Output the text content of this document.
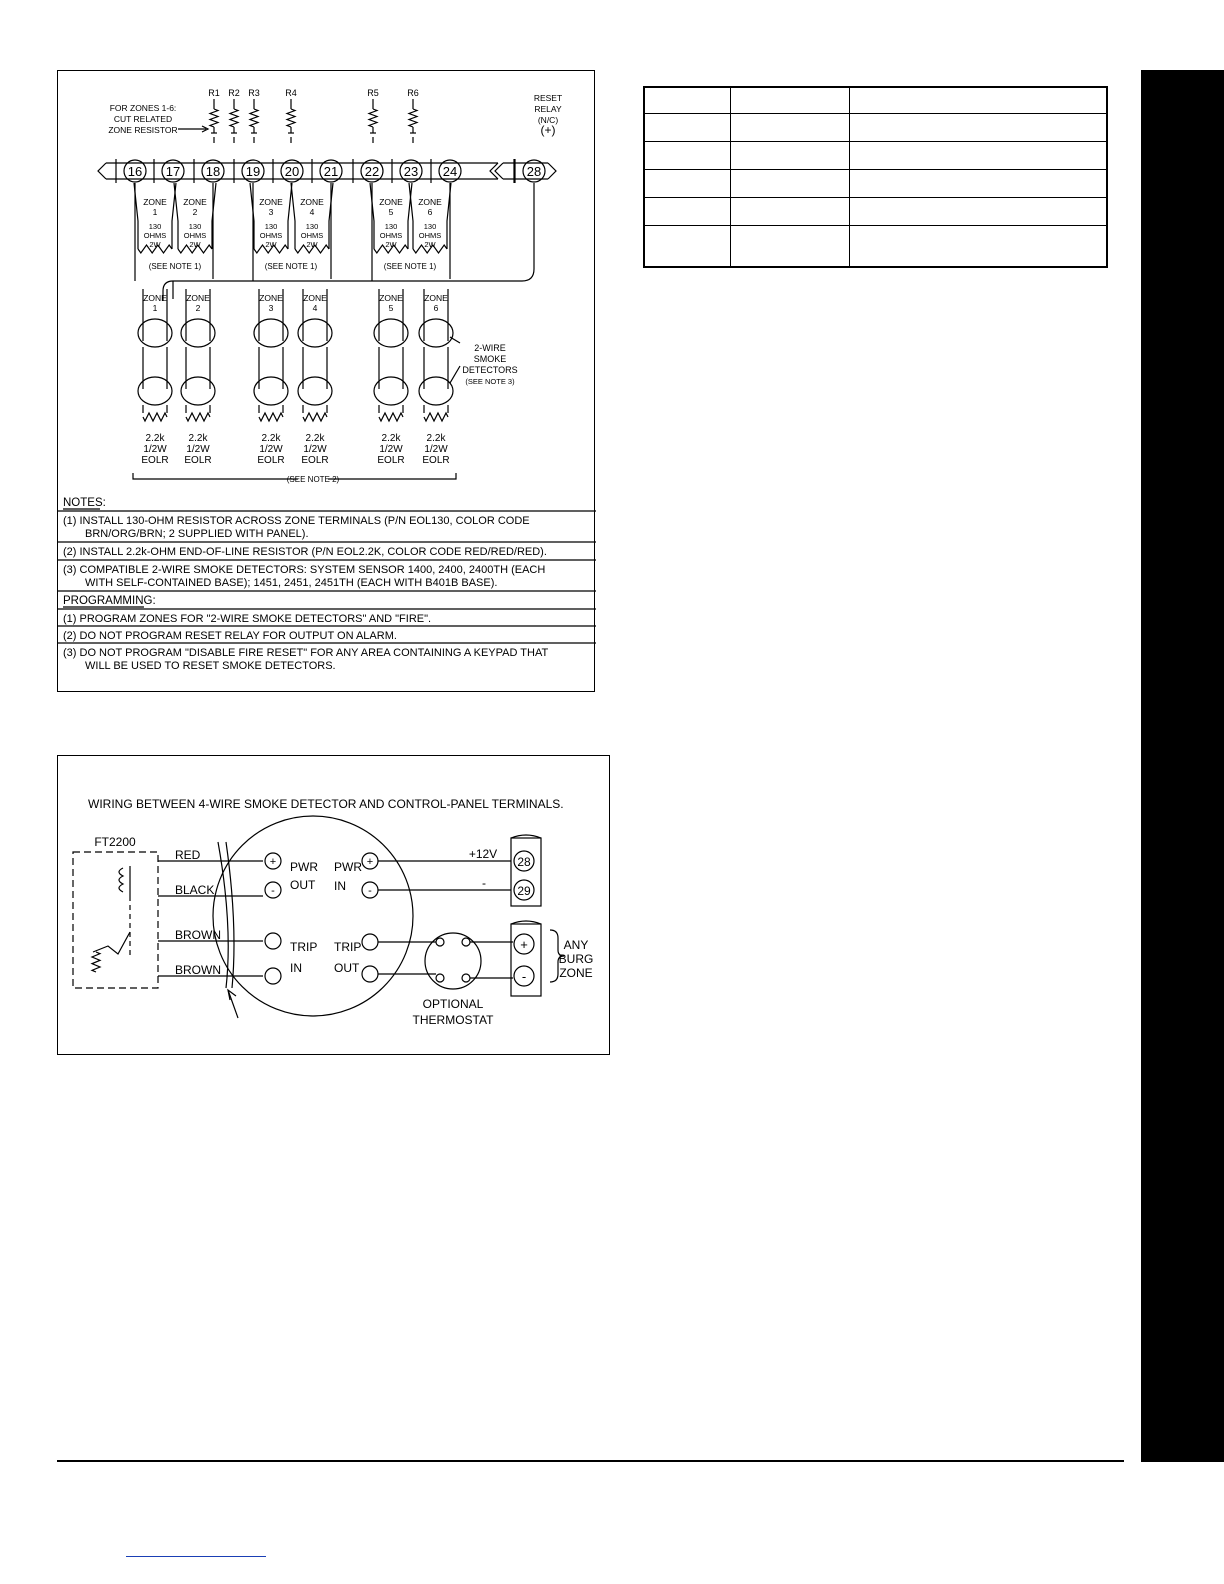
FOR ZONES 1-6:
CUT RELATED
ZONE RESISTOR
R1 R2 R3	R4	R5	R6	RESET
RELAY
(N/C)
(+)
16 17 18 19 20 21 22 23 24	28
ZONE
1
130
OHMS
2W
ZONE
2
130
OHMS
2W
ZONE
3
130
OHMS
2W
ZONE
4
130
OHMS
2W
ZONE
5
130
OHMS
2W
ZONE
6
130
OHMS
2W
(SEE NOTE 1)	(SEE NOTE 1)	(SEE NOTE 1)
ZONE
1
2.2k
1/2W
EOLR
ZONE
2
2.2k
1/2W
EOLR
ZONE
3
2.2k
1/2W
EOLR
ZONE
4
2.2k
1/2W
EOLR
ZONE
5
2.2k
1/2W
EOLR
ZONE
6
2.2k
1/2W
EOLR
2-WIRE
SMOKE
DETECTORS
(SEE NOTE 3)
(SEE NOTE 2)
NOTES:
(1) INSTALL 130-OHM RESISTOR ACROSS ZONE TERMINALS (P/N EOL130, COLOR CODE
BRN/ORG/BRN; 2 SUPPLIED WITH PANEL).
(2) INSTALL 2.2k-OHM END-OF-LINE RESISTOR (P/N EOL2.2K, COLOR CODE RED/RED/RED).
(3) COMPATIBLE 2-WIRE SMOKE DETECTORS: SYSTEM SENSOR 1400, 2400, 2400TH (EACH
WITH SELF-CONTAINED BASE); 1451, 2451, 2451TH (EACH WITH B401B BASE).
PROGRAMMING:
(1) PROGRAM ZONES FOR "2-WIRE SMOKE DETECTORS" AND "FIRE".
(2) DO NOT PROGRAM RESET RELAY FOR OUTPUT ON ALARM.
(3) DO NOT PROGRAM "DISABLE FIRE RESET" FOR ANY AREA CONTAINING A KEYPAD THAT
WILL BE USED TO RESET SMOKE DETECTORS.
WIRING BETWEEN 4-WIRE SMOKE DETECTOR AND CONTROL-PANEL TERMINALS.
FT2200
RED
BLACK
BROWN
BROWN
+
-
PWR
OUT
TRIP
IN
PWR
IN
+
-
TRIP
OUT
+12V
-
OPTIONAL
THERMOSTAT
28
29
+
-
ANY
BURG
ZONE
